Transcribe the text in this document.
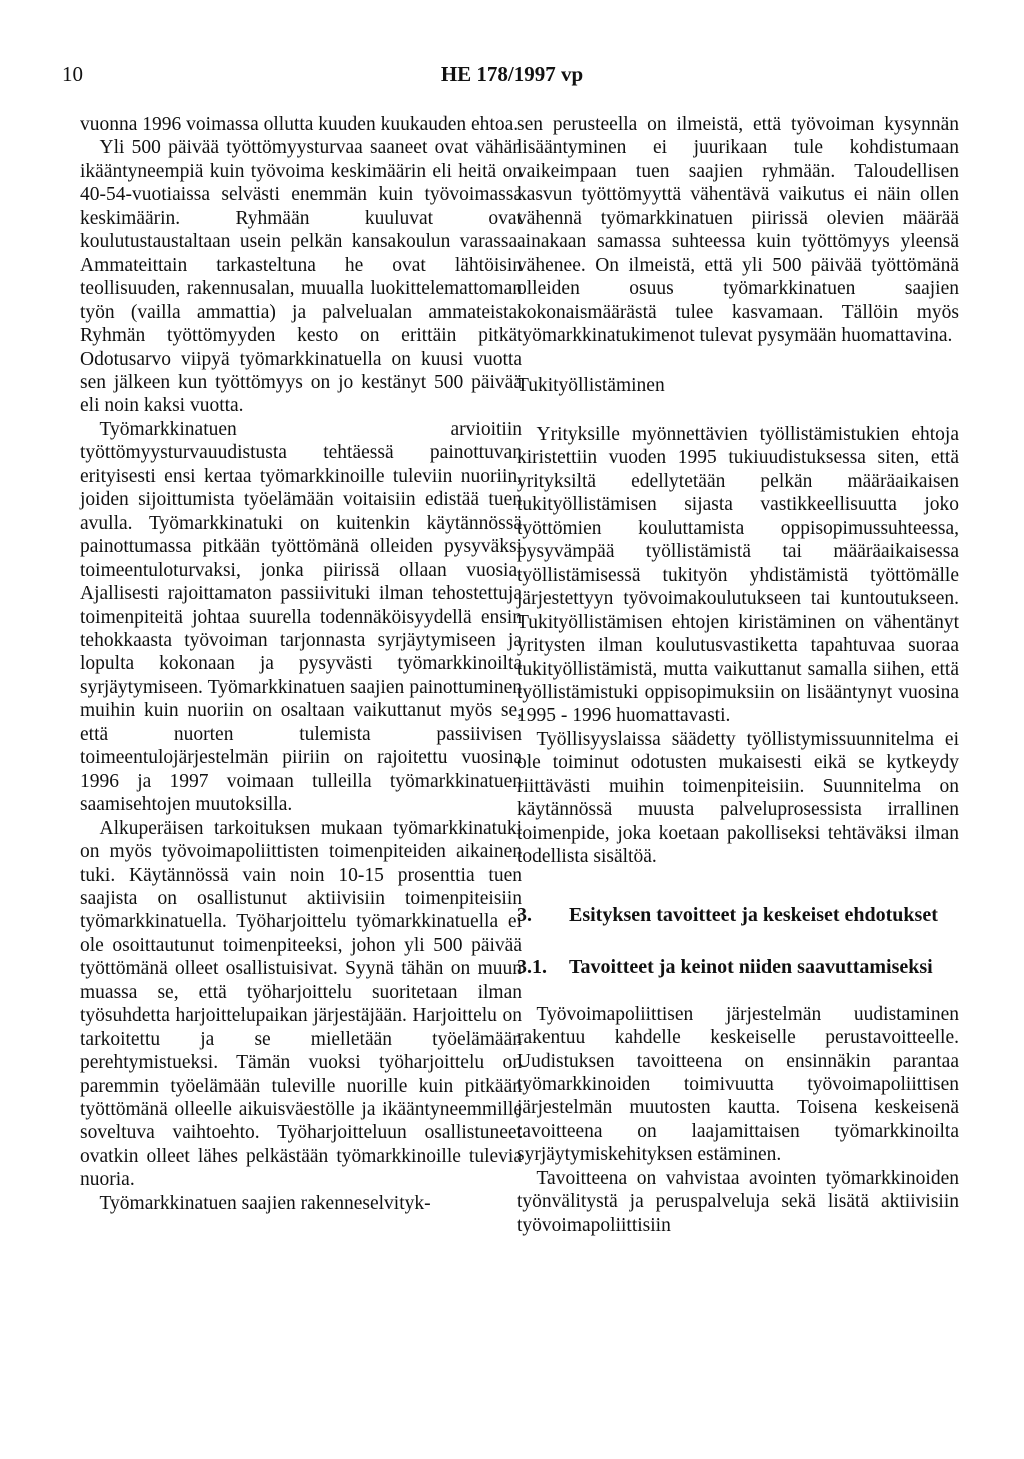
10	HE 178/1997 vp

vuonna 1996 voimassa ollutta kuuden kuukauden ehtoa.

Yli 500 päivää työttömyysturvaa saaneet ovat vähän ikääntyneempiä kuin työvoima keskimäärin eli heitä on 40-54-vuotiaissa selvästi enemmän kuin työvoimassa keskimäärin. Ryhmään kuuluvat ovat koulutustaustaltaan usein pelkän kansakoulun varassa. Ammateittain tarkasteltuna he ovat lähtöisin teollisuuden, rakennusalan, muualla luokittelemattoman työn (vailla ammattia) ja palvelualan ammateista. Ryhmän työttömyyden kesto on erittäin pitkä. Odotusarvo viipyä työmarkkinatuella on kuusi vuotta sen jälkeen kun työttömyys on jo kestänyt 500 päivää eli noin kaksi vuotta.

Työmarkkinatuen arvioitiin työttömyysturvauudistusta tehtäessä painottuvan erityisesti ensi kertaa työmarkkinoille tuleviin nuoriin, joiden sijoittumista työelämään voitaisiin edistää tuen avulla. Työmarkkinatuki on kuitenkin käytännössä painottumassa pitkään työttömänä olleiden pysyväksi toimeentuloturvaksi, jonka piirissä ollaan vuosia. Ajallisesti rajoittamaton passiivituki ilman tehostettuja toimenpiteitä johtaa suurella todennäköisyydellä ensin tehokkaasta työvoiman tarjonnasta syrjäytymiseen ja lopulta kokonaan ja pysyvästi työmarkkinoilta syrjäytymiseen. Työmarkkinatuen saajien painottuminen muihin kuin nuoriin on osaltaan vaikuttanut myös se, että nuorten tulemista passiivisen toimeentulojärjestelmän piiriin on rajoitettu vuosina 1996 ja 1997 voimaan tulleilla työmarkkinatuen saamisehtojen muutoksilla.

Alkuperäisen tarkoituksen mukaan työmarkkinatuki on myös työvoimapoliittisten toimenpiteiden aikainen tuki. Käytännössä vain noin 10-15 prosenttia tuen saajista on osallistunut aktiivisiin toimenpiteisiin työmarkkinatuella. Työharjoittelu työmarkkinatuella ei ole osoittautunut toimenpiteeksi, johon yli 500 päivää työttömänä olleet osallistuisivat. Syynä tähän on muun muassa se, että työharjoittelu suoritetaan ilman työsuhdetta harjoittelupaikan järjestäjään. Harjoittelu on tarkoitettu ja se mielletään työelämään perehtymistueksi. Tämän vuoksi työharjoittelu on paremmin työelämään tuleville nuorille kuin pitkään työttömänä olleelle aikuisväestölle ja ikääntyneemmille soveltuva vaihtoehto. Työharjoitteluun osallistuneet ovatkin olleet lähes pelkästään työmarkkinoille tulevia nuoria.

Työmarkkinatuen saajien rakenneselvityk-

sen perusteella on ilmeistä, että työvoiman kysynnän lisääntyminen ei juurikaan tule kohdistumaan vaikeimpaan tuen saajien ryhmään. Taloudellisen kasvun työttömyyttä vähentävä vaikutus ei näin ollen vähennä työmarkkinatuen piirissä olevien määrää ainakaan samassa suhteessa kuin työttömyys yleensä vähenee. On ilmeistä, että yli 500 päivää työttömänä olleiden osuus työmarkkinatuen saajien kokonaismäärästä tulee kasvamaan. Tällöin myös työmarkkinatukimenot tulevat pysymään huomattavina.

Tukityöllistäminen

Yrityksille myönnettävien työllistämistukien ehtoja kiristettiin vuoden 1995 tukiuudistuksessa siten, että yrityksiltä edellytetään pelkän määräaikaisen tukityöllistämisen sijasta vastikkeellisuutta joko työttömien kouluttamista oppisopimussuhteessa, pysyvämpää työllistämistä tai määräaikaisessa työllistämisessä tukityön yhdistämistä työttömälle järjestettyyn työvoimakoulutukseen tai kuntoutukseen. Tukityöllistämisen ehtojen kiristäminen on vähentänyt yritysten ilman koulutusvastiketta tapahtuvaa suoraa tukityöllistämistä, mutta vaikuttanut samalla siihen, että työllistämistuki oppisopimuksiin on lisääntynyt vuosina 1995 - 1996 huomattavasti.

Työllisyyslaissa säädetty työllistymissuunnitelma ei ole toiminut odotusten mukaisesti eikä se kytkeydy riittävästi muihin toimenpiteisiin. Suunnitelma on käytännössä muusta palveluprosessista irrallinen toimenpide, joka koetaan pakolliseksi tehtäväksi ilman todellista sisältöä.

3.	Esityksen tavoitteet ja keskeiset ehdotukset
3.1.	Tavoitteet ja keinot niiden saavuttamiseksi

Työvoimapoliittisen järjestelmän uudistaminen rakentuu kahdelle keskeiselle perustavoitteelle. Uudistuksen tavoitteena on ensinnäkin parantaa työmarkkinoiden toimivuutta työvoimapoliittisen järjestelmän muutosten kautta. Toisena keskeisenä tavoitteena on laajamittaisen työmarkkinoilta syrjäytymiskehityksen estäminen.

Tavoitteena on vahvistaa avointen työmarkkinoiden työnvälitystä ja peruspalveluja sekä lisätä aktiivisiin työvoimapoliittisiin
